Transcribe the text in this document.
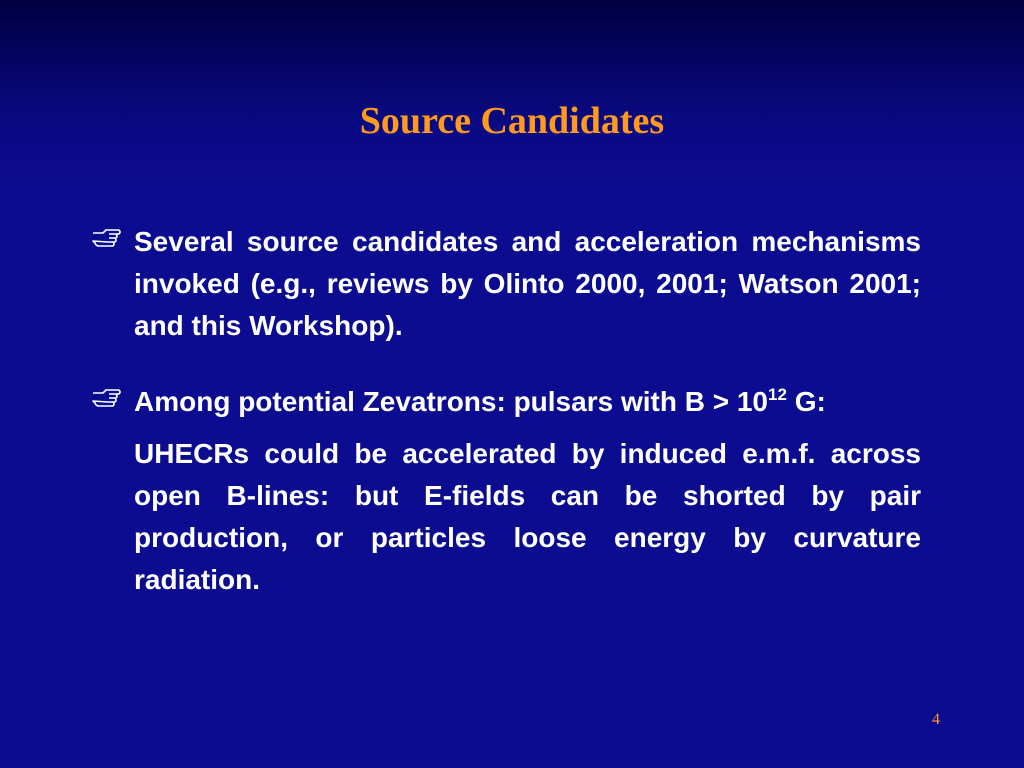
Source Candidates
Several source candidates and acceleration mechanisms invoked (e.g., reviews by Olinto 2000, 2001; Watson 2001; and this Workshop).
Among potential Zevatrons: pulsars with $B > 10^{12}$ G:
UHECRs could be accelerated by induced e.m.f. across open B-lines: but E-fields can be shorted by pair production, or particles loose energy by curvature radiation.
4
